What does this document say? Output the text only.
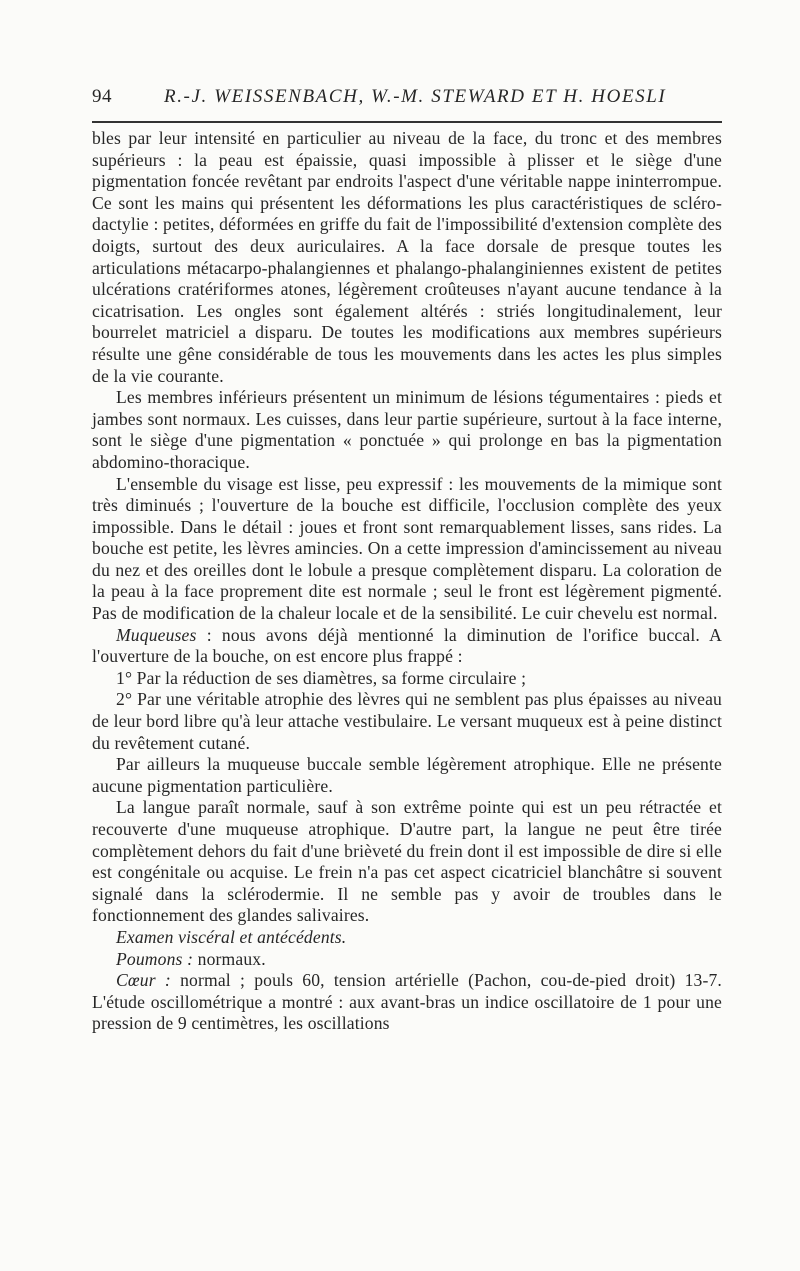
94	R.-J. WEISSENBACH, W.-M. STEWARD ET H. HOESLI

bles par leur intensité en particulier au niveau de la face, du tronc et des membres supérieurs : la peau est épaissie, quasi impossible à plisser et le siège d'une pigmentation foncée revêtant par endroits l'aspect d'une véritable nappe ininterrompue. Ce sont les mains qui présentent les déformations les plus caractéristiques de scléro-dactylie : petites, déformées en griffe du fait de l'impossibilité d'extension complète des doigts, surtout des deux auriculaires. A la face dorsale de presque toutes les articulations métacarpo-phalangiennes et phalango-phalanginiennes existent de petites ulcérations cratériformes atones, légèrement croûteuses n'ayant aucune tendance à la cicatrisation. Les ongles sont également altérés : striés longitudinalement, leur bourrelet matriciel a disparu. De toutes les modifications aux membres supérieurs résulte une gêne considérable de tous les mouvements dans les actes les plus simples de la vie courante.

Les membres inférieurs présentent un minimum de lésions tégumentaires : pieds et jambes sont normaux. Les cuisses, dans leur partie supérieure, surtout à la face interne, sont le siège d'une pigmentation « ponctuée » qui prolonge en bas la pigmentation abdomino-thoracique.

L'ensemble du visage est lisse, peu expressif : les mouvements de la mimique sont très diminués ; l'ouverture de la bouche est difficile, l'occlusion complète des yeux impossible. Dans le détail : joues et front sont remarquablement lisses, sans rides. La bouche est petite, les lèvres amincies. On a cette impression d'amincissement au niveau du nez et des oreilles dont le lobule a presque complètement disparu. La coloration de la peau à la face proprement dite est normale ; seul le front est légèrement pigmenté. Pas de modification de la chaleur locale et de la sensibilité. Le cuir chevelu est normal.

Muqueuses : nous avons déjà mentionné la diminution de l'orifice buccal. A l'ouverture de la bouche, on est encore plus frappé :

1° Par la réduction de ses diamètres, sa forme circulaire ;

2° Par une véritable atrophie des lèvres qui ne semblent pas plus épaisses au niveau de leur bord libre qu'à leur attache vestibulaire. Le versant muqueux est à peine distinct du revêtement cutané.

Par ailleurs la muqueuse buccale semble légèrement atrophique. Elle ne présente aucune pigmentation particulière.

La langue paraît normale, sauf à son extrême pointe qui est un peu rétractée et recouverte d'une muqueuse atrophique. D'autre part, la langue ne peut être tirée complètement dehors du fait d'une brièveté du frein dont il est impossible de dire si elle est congénitale ou acquise. Le frein n'a pas cet aspect cicatriciel blanchâtre si souvent signalé dans la sclérodermie. Il ne semble pas y avoir de troubles dans le fonctionnement des glandes salivaires.

Examen viscéral et antécédents.

Poumons : normaux.

Cœur : normal ; pouls 60, tension artérielle (Pachon, cou-de-pied droit) 13-7. L'étude oscillométrique a montré : aux avant-bras un indice oscillatoire de 1 pour une pression de 9 centimètres, les oscillations
